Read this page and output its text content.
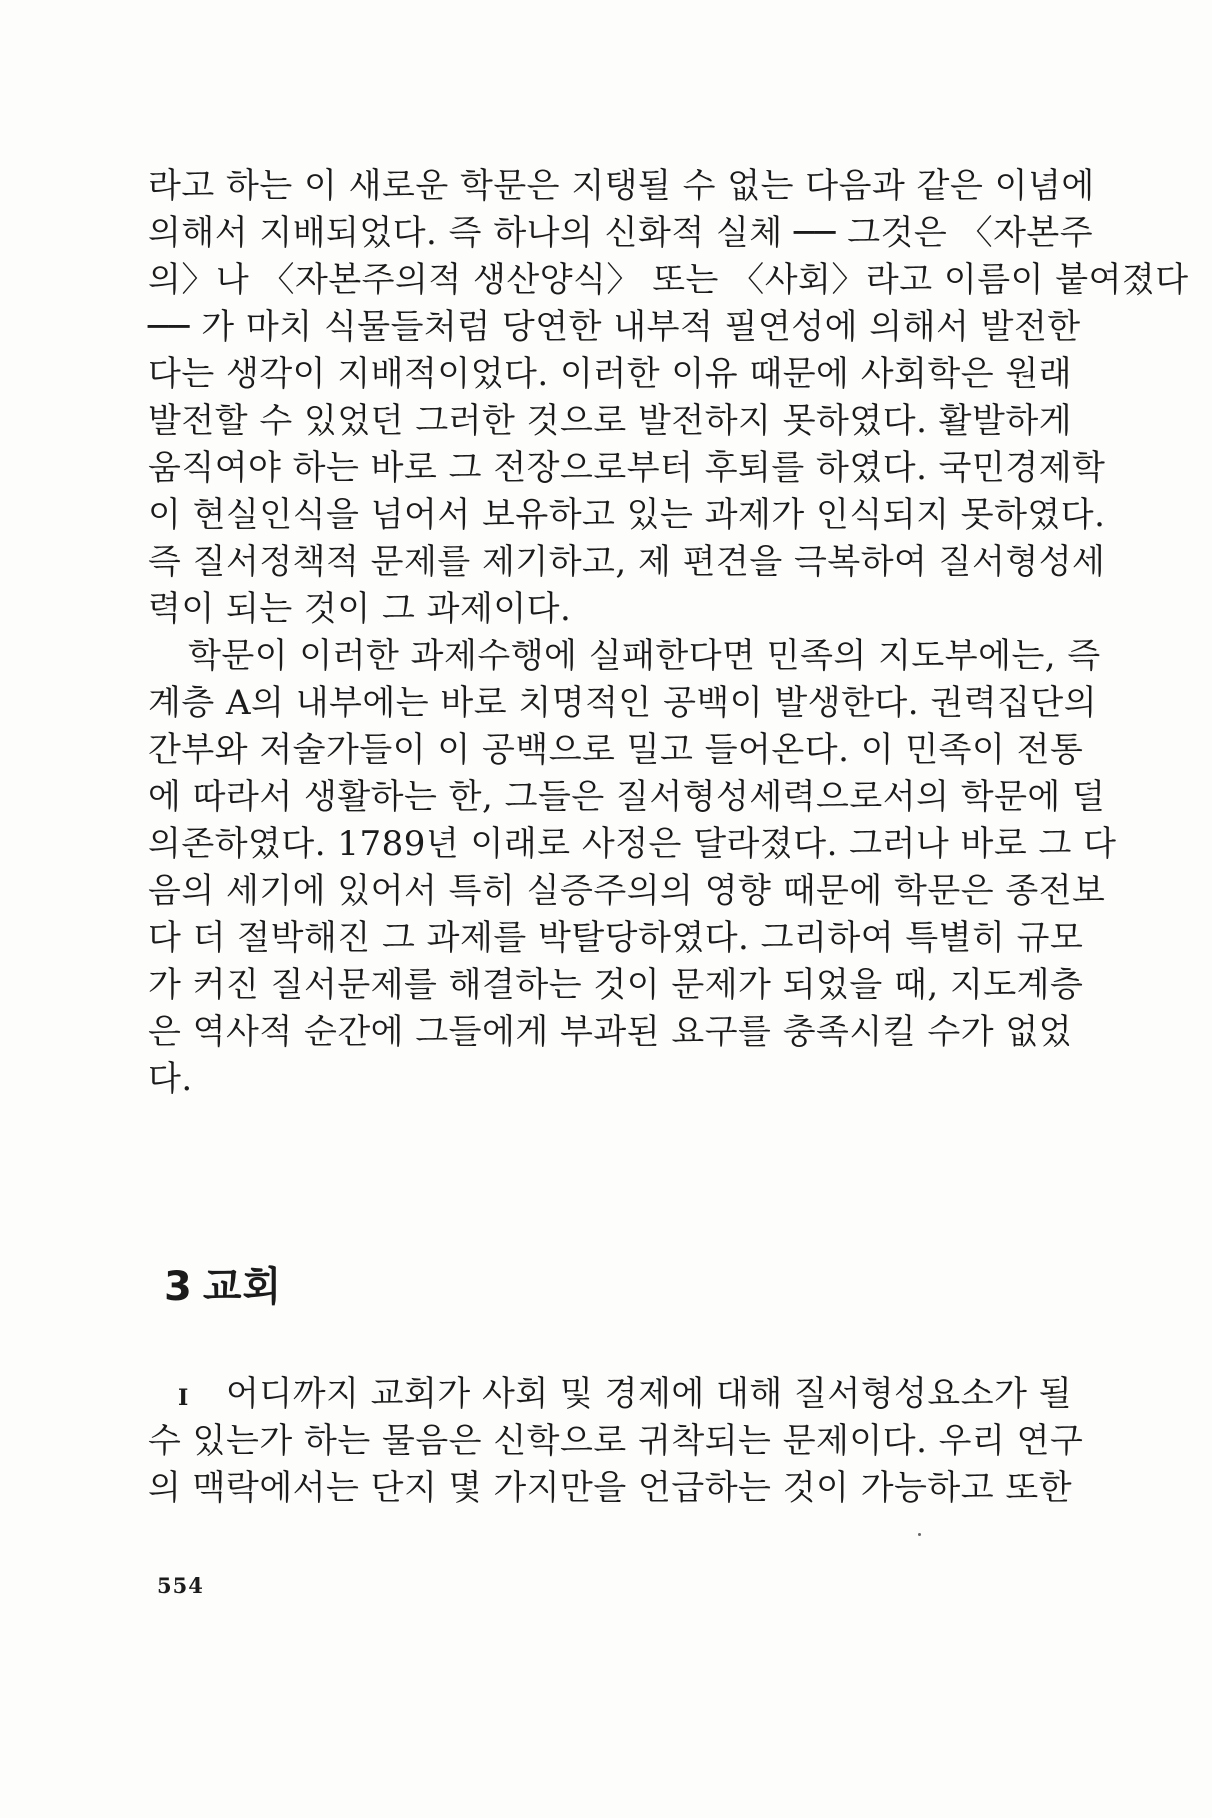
라고 하는 이 새로운 학문은 지탱될 수 없는 다음과 같은 이념에
의해서 지배되었다. 즉 하나의 신화적 실체 ── 그것은 〈자본주
의〉나 〈자본주의적 생산양식〉 또는 〈사회〉라고 이름이 붙여졌다
── 가 마치 식물들처럼 당연한 내부적 필연성에 의해서 발전한
다는 생각이 지배적이었다. 이러한 이유 때문에 사회학은 원래
발전할 수 있었던 그러한 것으로 발전하지 못하였다. 활발하게
움직여야 하는 바로 그 전장으로부터 후퇴를 하였다. 국민경제학
이 현실인식을 넘어서 보유하고 있는 과제가 인식되지 못하였다.
즉 질서정책적 문제를 제기하고, 제 편견을 극복하여 질서형성세
력이 되는 것이 그 과제이다.
학문이 이러한 과제수행에 실패한다면 민족의 지도부에는, 즉
계층 A의 내부에는 바로 치명적인 공백이 발생한다. 권력집단의
간부와 저술가들이 이 공백으로 밀고 들어온다. 이 민족이 전통
에 따라서 생활하는 한, 그들은 질서형성세력으로서의 학문에 덜
의존하였다. 1789년 이래로 사정은 달라졌다. 그러나 바로 그 다
음의 세기에 있어서 특히 실증주의의 영향 때문에 학문은 종전보
다 더 절박해진 그 과제를 박탈당하였다. 그리하여 특별히 규모
가 커진 질서문제를 해결하는 것이 문제가 되었을 때, 지도계층
은 역사적 순간에 그들에게 부과된 요구를 충족시킬 수가 없었
다.
3 교회
I 어디까지 교회가 사회 및 경제에 대해 질서형성요소가 될
수 있는가 하는 물음은 신학으로 귀착되는 문제이다. 우리 연구
의 맥락에서는 단지 몇 가지만을 언급하는 것이 가능하고 또한
554
